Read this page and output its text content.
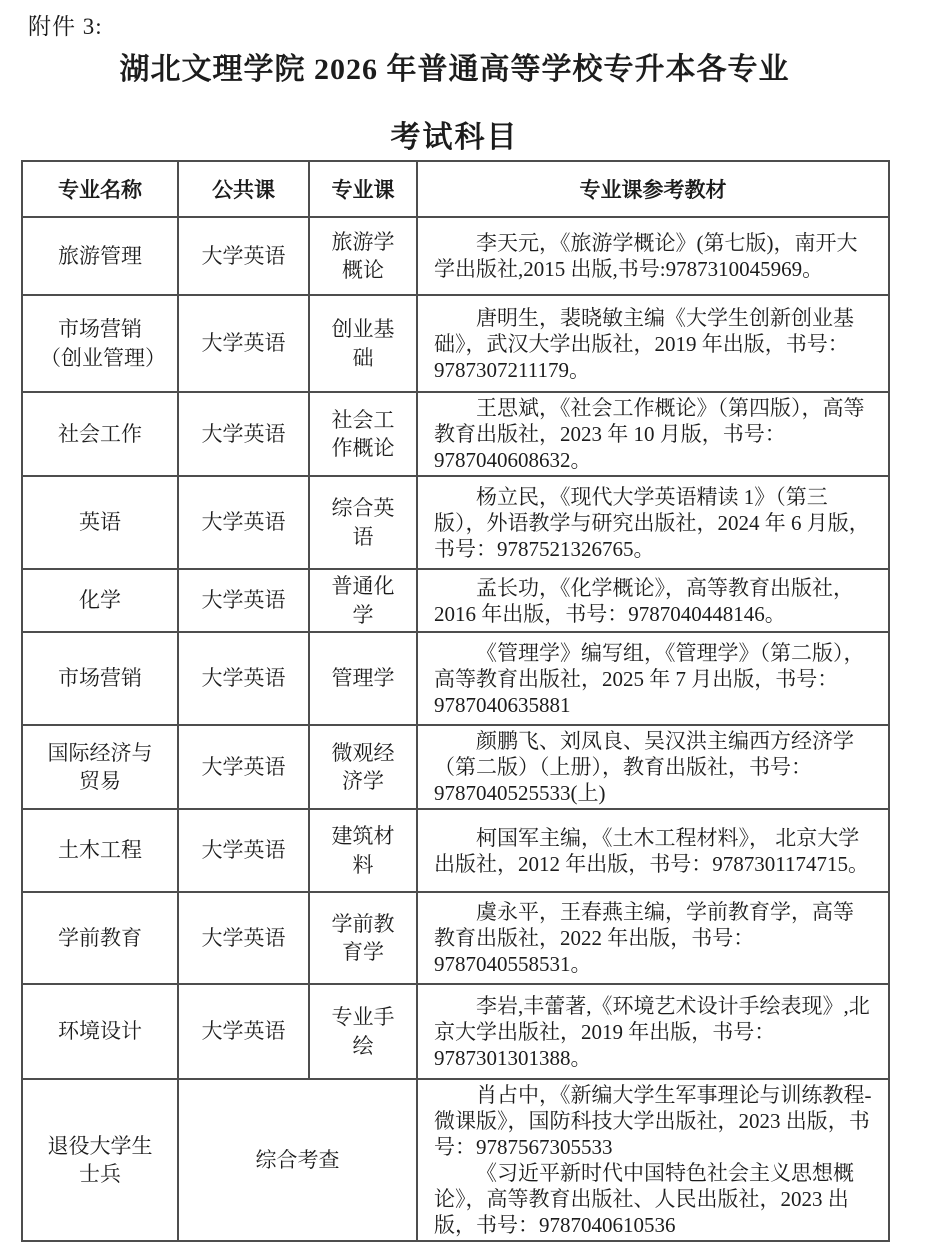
附件 3:
湖北文理学院 2026 年普通高等学校专升本各专业
考试科目
专业名称	公共课	专业课	专业课参考教材
旅游管理	大学英语	旅游学概论	李天元，《旅游学概论》(第七版)，南开大学出版社,2015 出版,书号:9787310045969。

市场营销（创业管理）	大学英语	创业基础	唐明生，裴晓敏主编《大学生创新创业基础》，武汉大学出版社，2019 年出版，书号：9787307211179。

社会工作	大学英语	社会工作概论	王思斌，《社会工作概论》（第四版），高等教育出版社，2023 年 10 月版，书号：9787040608632。

英语	大学英语	综合英语	杨立民，《现代大学英语精读 1》（第三版），外语教学与研究出版社，2024 年 6 月版，书号：9787521326765。

化学	大学英语	普通化学	孟长功，《化学概论》，高等教育出版社，2016 年出版，书号：9787040448146。

市场营销	大学英语	管理学	《管理学》编写组，《管理学》（第二版），高等教育出版社，2025 年 7 月出版，书号：9787040635881

国际经济与贸易	大学英语	微观经济学	颜鹏飞、刘凤良、吴汉洪主编西方经济学（第二版）（上册），教育出版社，书号：9787040525533(上)

土木工程	大学英语	建筑材料	柯国军主编，《土木工程材料》， 北京大学出版社，2012 年出版，书号：9787301174715。

学前教育	大学英语	学前教育学	虞永平，王春燕主编，学前教育学，高等教育出版社，2022 年出版，书号：9787040558531。

环境设计	大学英语	专业手绘	李岩,丰蕾著,《环境艺术设计手绘表现》,北京大学出版社，2019 年出版，书号：9787301301388。

退役大学生士兵	综合考查		肖占中，《新编大学生军事理论与训练教程-微课版》，国防科技大学出版社，2023 出版，书号：9787567305533

《习近平新时代中国特色社会主义思想概论》，高等教育出版社、人民出版社，2023 出版，书号：9787040610536
